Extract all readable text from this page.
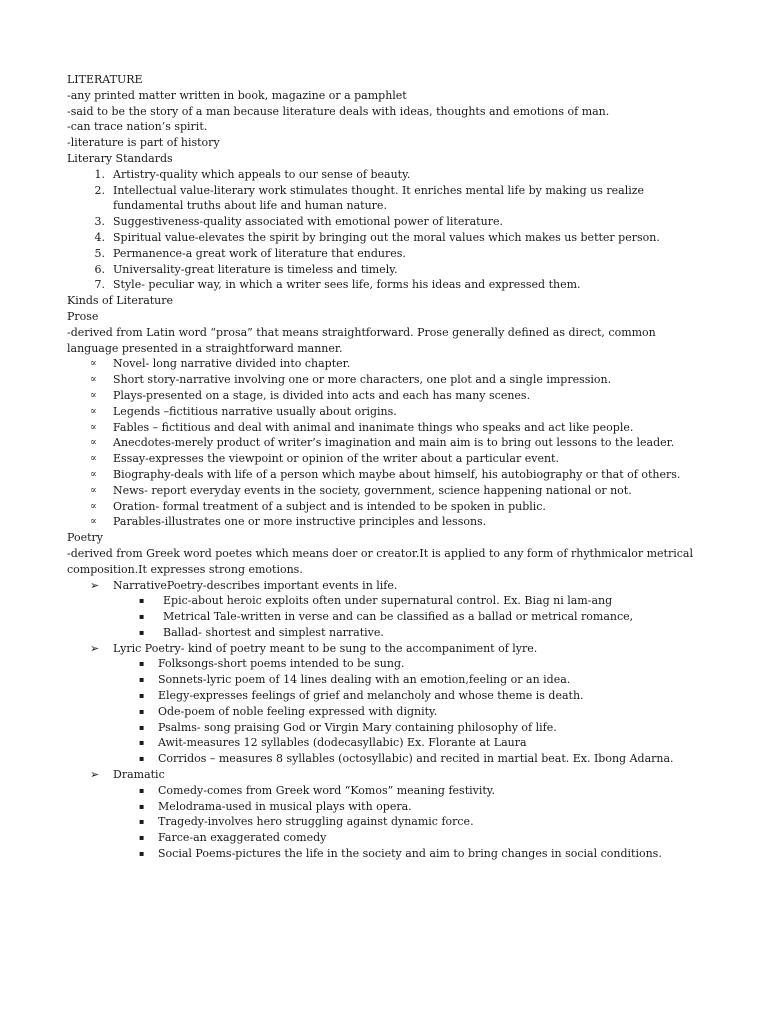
LITERATURE
-any printed matter written in book, magazine or a pamphlet
-said to be the story of a man because literature deals with ideas, thoughts and emotions of man.
-can trace nation’s spirit.
-literature is part of history
Literary Standards
1. Artistry-quality which appeals to our sense of beauty.
2. Intellectual value-literary work stimulates thought. It enriches mental life by making us realize fundamental truths about life and human nature.
3. Suggestiveness-quality associated with emotional power of literature.
4. Spiritual value-elevates the spirit by bringing out the moral values which makes us better person.
5. Permanence-a great work of literature that endures.
6. Universality-great literature is timeless and timely.
7. Style- peculiar way, in which a writer sees life, forms his ideas and expressed them.
Kinds of Literature
Prose
-derived from Latin word “prosa” that means straightforward. Prose generally defined as direct, common language presented in a straightforward manner.
∝	Novel- long narrative divided into chapter.
∝	Short story-narrative involving one or more characters, one plot and a single impression.
∝	Plays-presented on a stage, is divided into acts and each has many scenes.
∝	Legends –fictitious narrative usually about origins.
∝	Fables – fictitious and deal with animal and inanimate things who speaks and act like people.
∝	Anecdotes-merely product of writer’s imagination and main aim is to bring out lessons to the leader.
∝	Essay-expresses the viewpoint or opinion of the writer about a particular event.
∝	Biography-deals with life of a person which maybe about himself, his autobiography or that of others.
∝	News- report everyday events in the society, government, science happening national or not.
∝	Oration- formal treatment of a subject and is intended to be spoken in public.
∝	Parables-illustrates one or more instructive principles and lessons.
Poetry
-derived from Greek word poetes which means doer or creator.It is applied to any form of rhythmicalor metrical composition.It expresses strong emotions.
➢ NarrativePoetry-describes important events in life.
▪ Epic-about heroic exploits often under supernatural control. Ex. Biag ni lam-ang
▪ Metrical Tale-written in verse and can be classified as a ballad or metrical romance,
▪ Ballad- shortest and simplest narrative.
➢ Lyric Poetry- kind of poetry meant to be sung to the accompaniment of lyre.
▪ Folksongs-short poems intended to be sung.
▪ Sonnets-lyric poem of 14 lines dealing with an emotion,feeling or an idea.
▪ Elegy-expresses feelings of grief and melancholy and whose theme is death.
▪ Ode-poem of noble feeling expressed with dignity.
▪ Psalms- song praising God or Virgin Mary containing philosophy of life.
▪ Awit-measures 12 syllables (dodecasyllabic) Ex. Florante at Laura
▪ Corridos – measures 8 syllables (octosyllabic) and recited in martial beat. Ex. Ibong Adarna.
➢ Dramatic
▪ Comedy-comes from Greek word “Komos” meaning festivity.
▪ Melodrama-used in musical plays with opera.
▪ Tragedy-involves hero struggling against dynamic force.
▪ Farce-an exaggerated comedy
▪ Social Poems-pictures the life in the society and aim to bring changes in social conditions.
